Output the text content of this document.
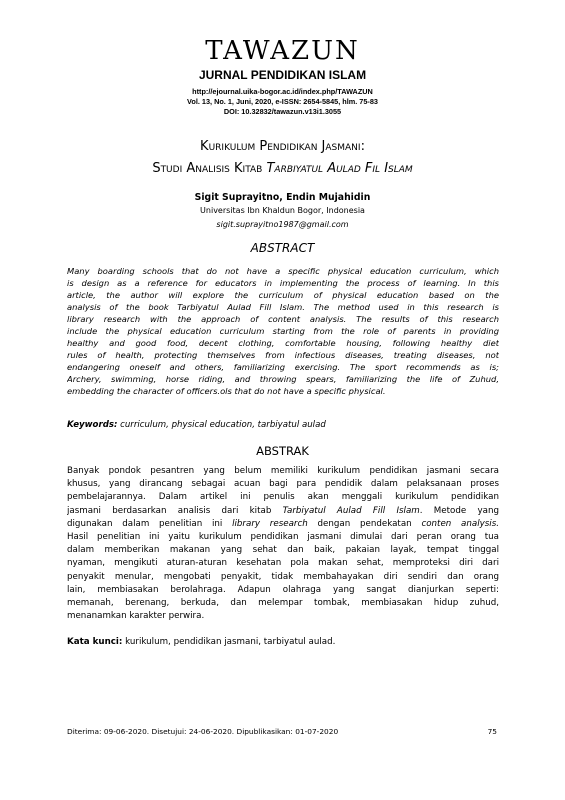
TAWAZUN
JURNAL PENDIDIKAN ISLAM
http://ejournal.uika-bogor.ac.id/index.php/TAWAZUN
Vol. 13, No. 1, Juni, 2020, e-ISSN: 2654-5845, hlm. 75-83
DOI: 10.32832/tawazun.v13i1.3055
Kurikulum Pendidikan Jasmani:
Studi Analisis Kitab Tarbiyatul Aulad Fil Islam
Sigit Suprayitno, Endin Mujahidin
Universitas Ibn Khaldun Bogor, Indonesia
sigit.suprayitno1987@gmail.com
ABSTRACT
Many boarding schools that do not have a specific physical education curriculum, which
is design as a reference for educators in implementing the process of learning. In this
article, the author will explore the curriculum of physical education based on the
analysis of the book Tarbiyatul Aulad Fill Islam. The method used in this research is
library research with the approach of content analysis. The results of this research
include the physical education curriculum starting from the role of parents in providing
healthy and good food, decent clothing, comfortable housing, following healthy diet
rules of health, protecting themselves from infectious diseases, treating diseases, not
endangering oneself and others, familiarizing exercising. The sport recommends as is;
Archery, swimming, horse riding, and throwing spears, familiarizing the life of Zuhud,
embedding the character of officers.ols that do not have a specific physical.
Keywords: curriculum, physical education, tarbiyatul aulad
ABSTRAK
Banyak pondok pesantren yang belum memiliki kurikulum pendidikan jasmani secara
khusus, yang dirancang sebagai acuan bagi para pendidik dalam pelaksanaan proses
pembelajarannya. Dalam artikel ini penulis akan menggali kurikulum pendidikan
jasmani berdasarkan analisis dari kitab Tarbiyatul Aulad Fill Islam. Metode yang
digunakan dalam penelitian ini library research dengan pendekatan conten analysis.
Hasil penelitian ini yaitu kurikulum pendidikan jasmani dimulai dari peran orang tua
dalam memberikan makanan yang sehat dan baik, pakaian layak, tempat tinggal
nyaman, mengikuti aturan-aturan kesehatan pola makan sehat, memproteksi diri dari
penyakit menular, mengobati penyakit, tidak membahayakan diri sendiri dan orang
lain, membiasakan berolahraga. Adapun olahraga yang sangat dianjurkan seperti:
memanah, berenang, berkuda, dan melempar tombak, membiasakan hidup zuhud,
menanamkan karakter perwira.
Kata kunci: kurikulum, pendidikan jasmani, tarbiyatul aulad.
Diterima: 09-06-2020. Disetujui: 24-06-2020. Dipublikasikan: 01-07-2020	75
